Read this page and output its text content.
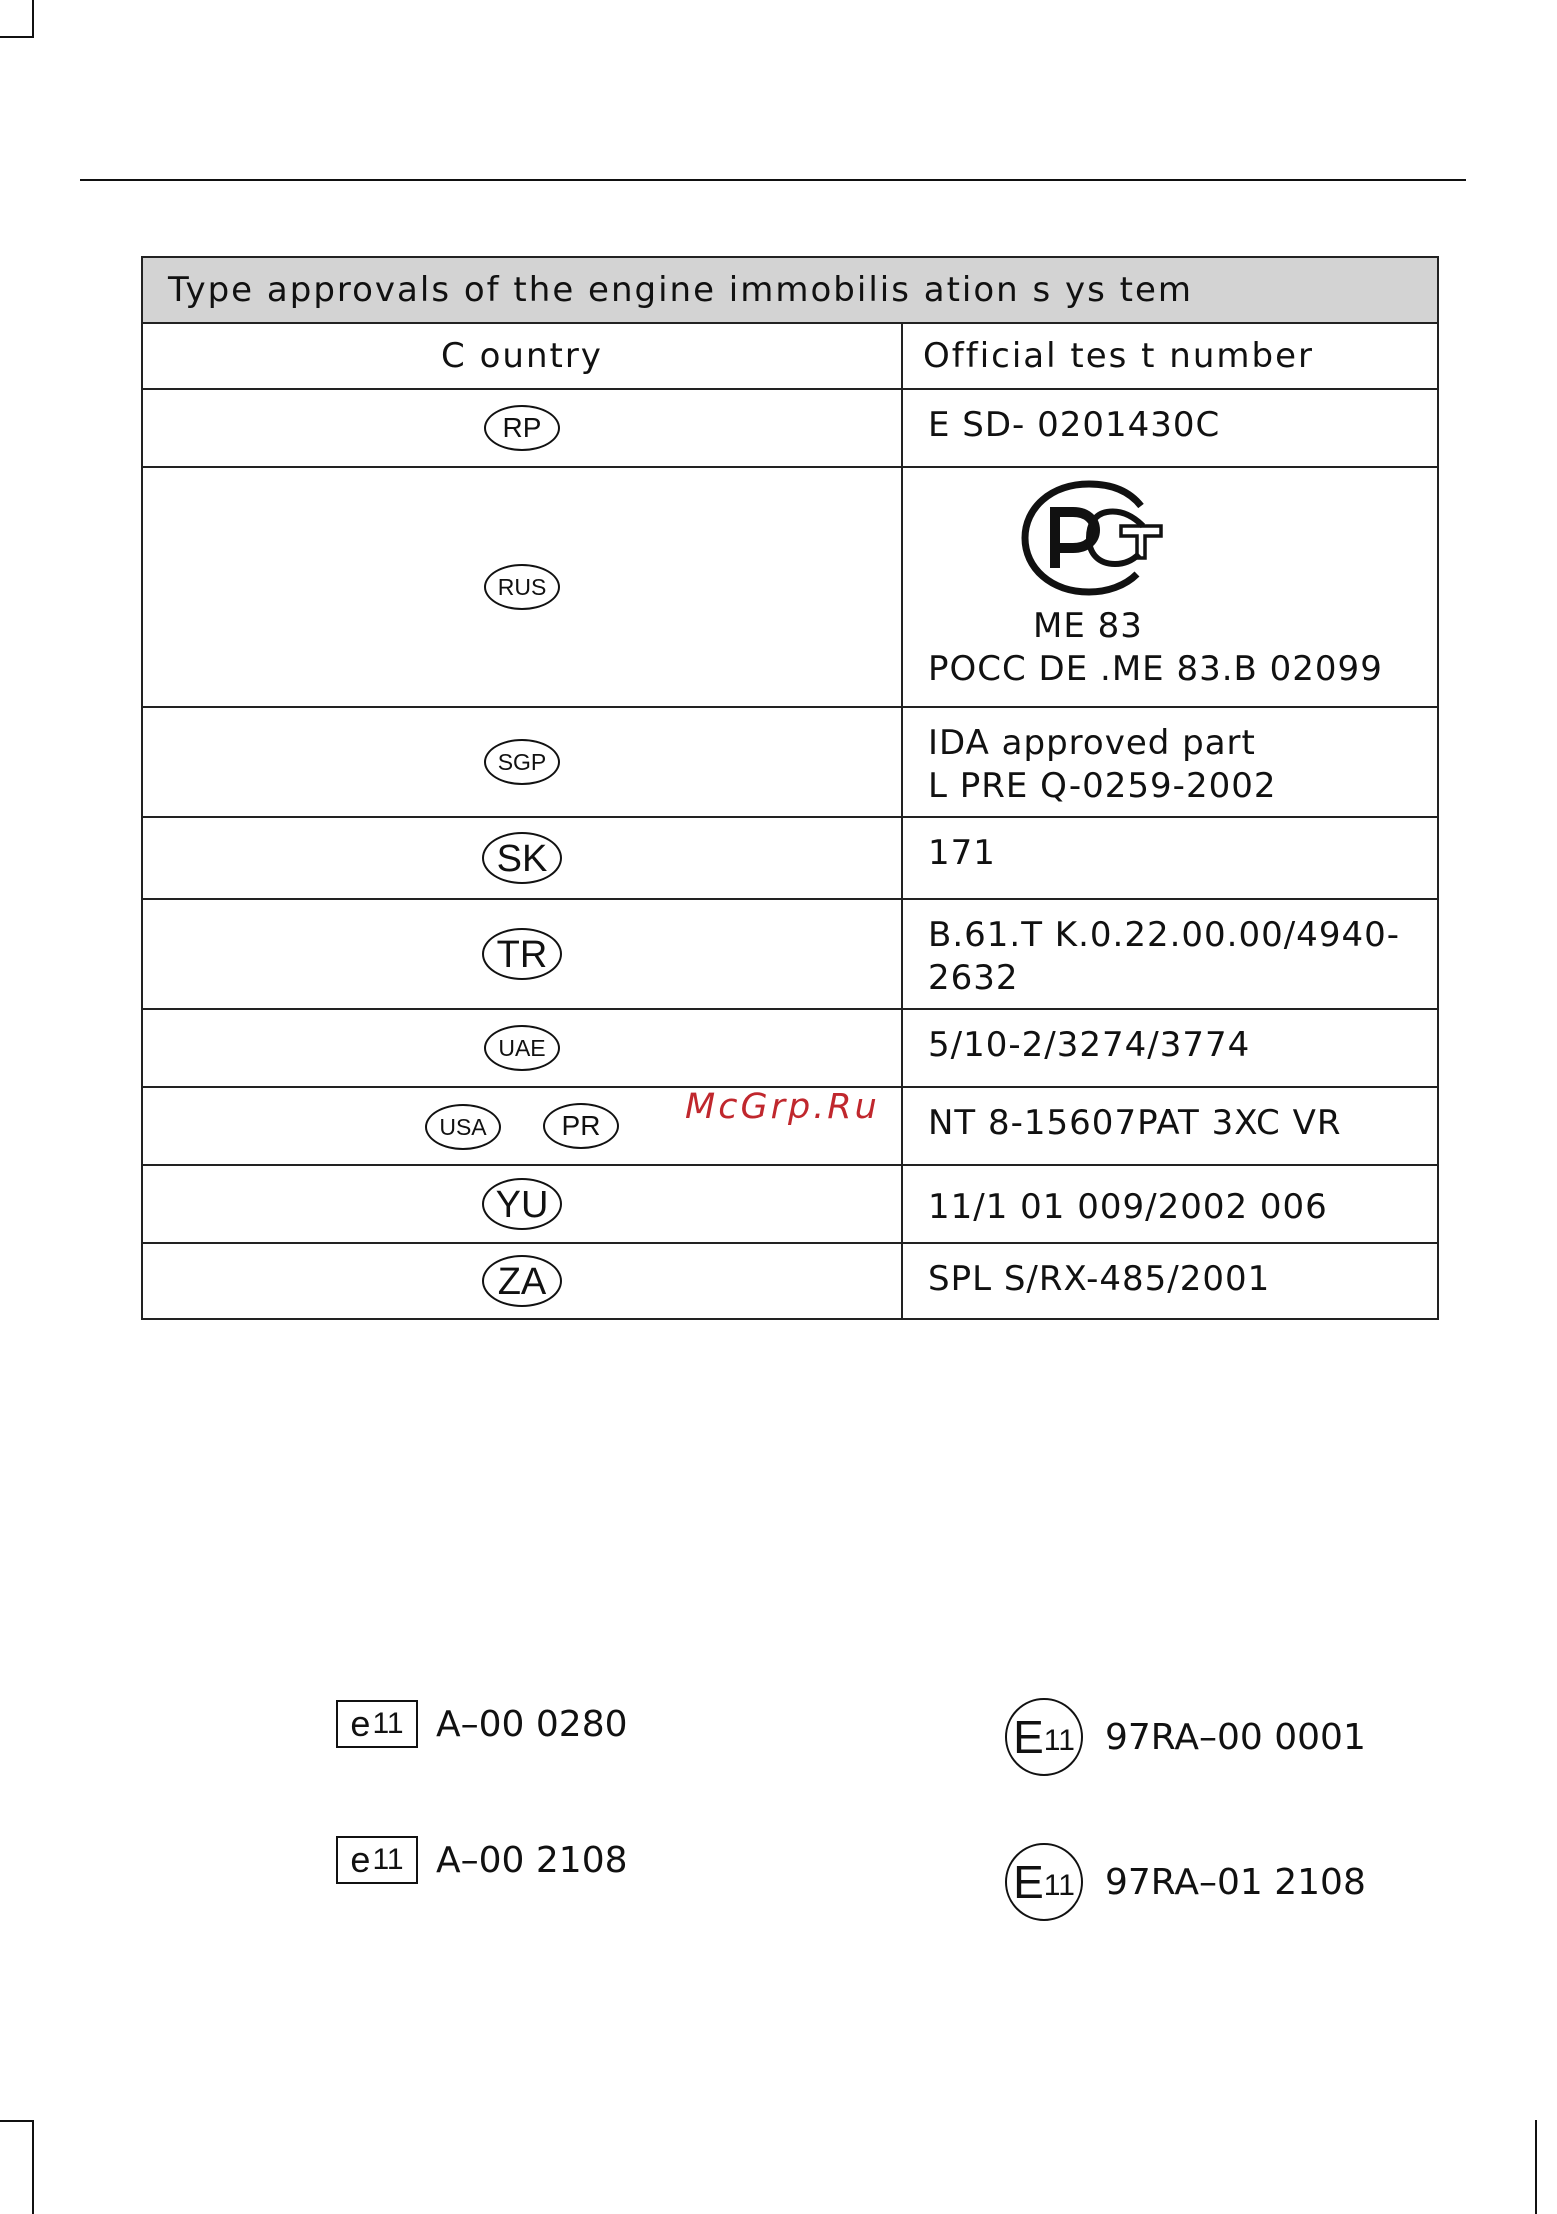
Type approvals of the engine immobilis ation s ys tem	
C ountry	Official tes t number
RP	E SD- 0201430C

RUS	ME 83
POCC DE .ME 83.B 02099

SGP	IDA approved part
L PRE Q-0259-2002

SK	171

TR	B.61.T K.0.22.00.00/4940-
2632

UAE	5/10-2/3274/3774

USA PR	NT 8-15607PAT 3XC VR

YU	11/1 01 009/2002 006

ZA	SPL S/RX-485/2001
McGrp.Ru
e 11 A–00 0280
e 11 A–00 2108
E 11 97RA–00 0001
E 11 97RA–01 2108
